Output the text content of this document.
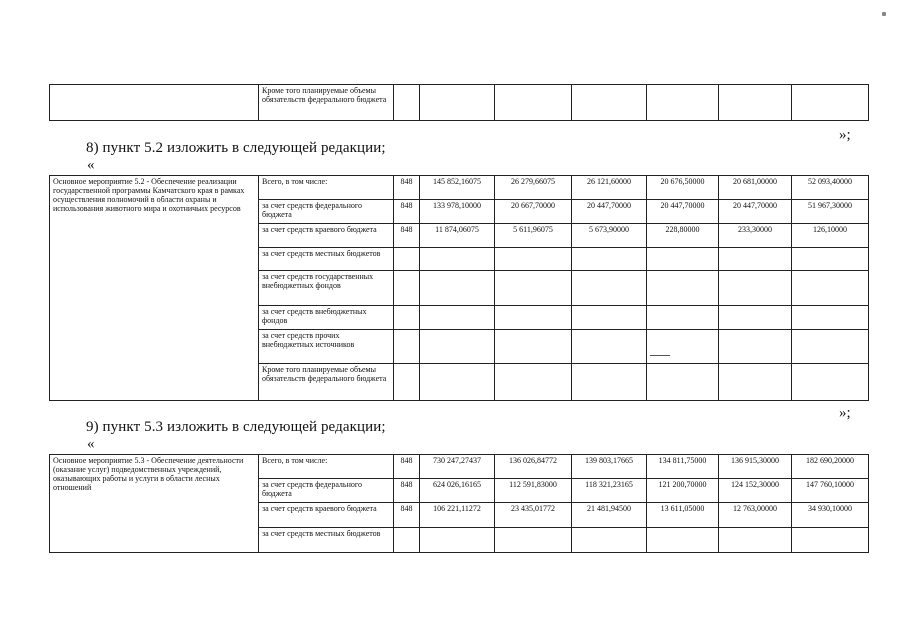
	Кроме того планируемые объемы обязательств федерального бюджета							
»;
8) пункт 5.2 изложить в следующей редакции;
«
Основное мероприятие 5.2 - Обеспечение реализации государственной программы Камчатского края в рамках осуществления полномочий в области охраны и использования животного мира и охотничьих ресурсов	Всего, в том числе:	848	145 852,16075	26 279,66075	26 121,60000	20 676,50000	20 681,00000	52 093,40000
	за счет средств федерального бюджета	848	133 978,10000	20 667,70000	20 447,70000	20 447,70000	20 447,70000	51 967,30000
	за счет средств краевого бюджета	848	11 874,06075	5 611,96075	5 673,90000	228,80000	233,30000	126,10000
	за счет средств местных бюджетов							
	за счет средств государственных внебюджетных фондов							
	за счет средств внебюджетных фондов							
	за счет средств прочих внебюджетных источников							
	Кроме того планируемые объемы обязательств федерального бюджета							
»;
9) пункт 5.3 изложить в следующей редакции;
«
Основное мероприятие 5.3 - Обеспечение деятельности (оказание услуг) подведомственных учреждений, оказывающих работы и услуги в области лесных отношений	Всего, в том числе:	848	730 247,27437	136 026,84772	139 803,17665	134 811,75000	136 915,30000	182 690,20000
	за счет средств федерального бюджета	848	624 026,16165	112 591,83000	118 321,23165	121 200,70000	124 152,30000	147 760,10000
	за счет средств краевого бюджета	848	106 221,11272	23 435,01772	21 481,94500	13 611,05000	12 763,00000	34 930,10000
	за счет средств местных бюджетов							
